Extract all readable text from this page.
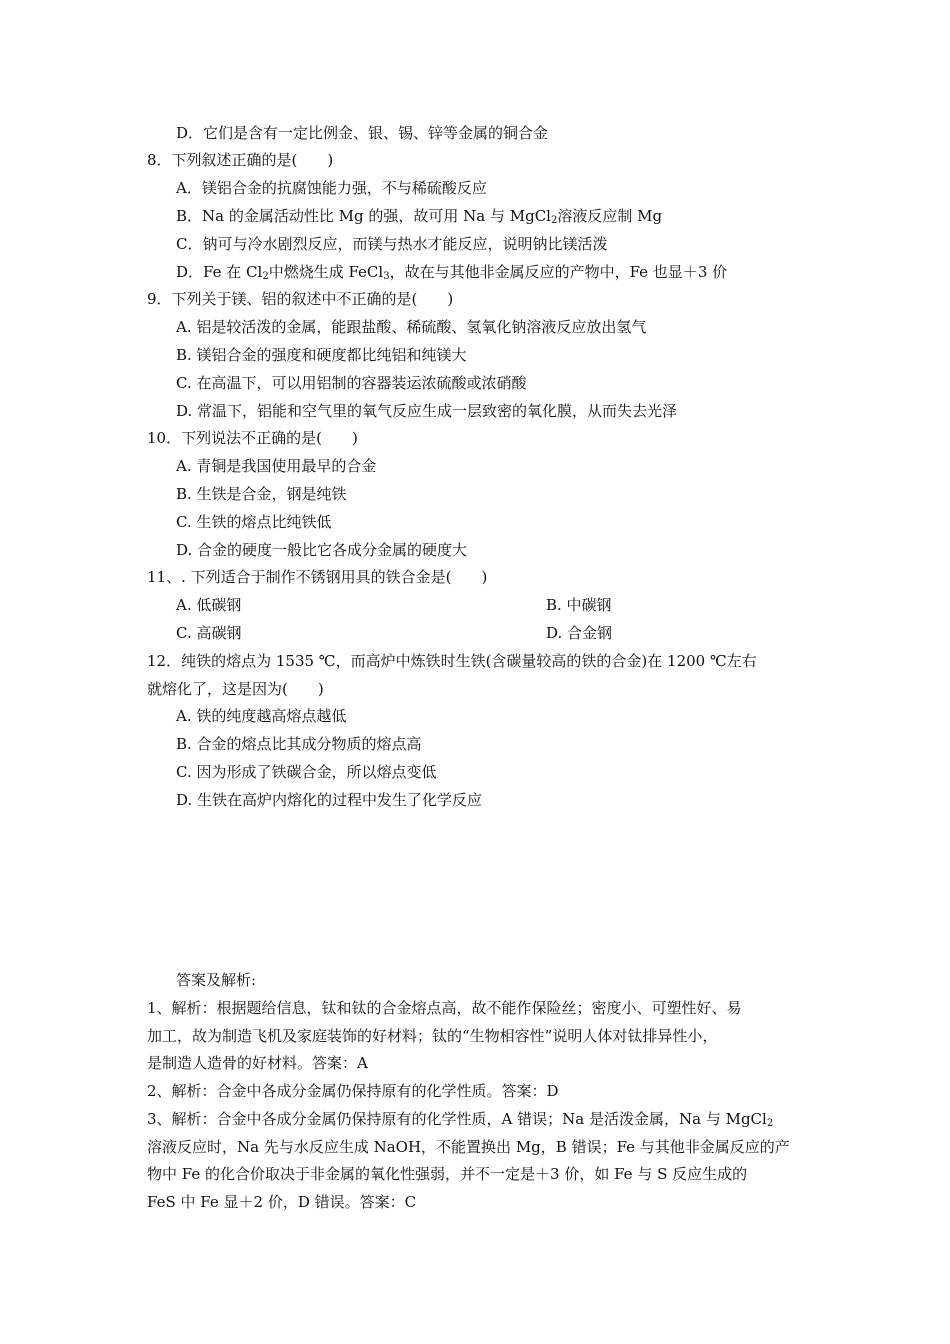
D．它们是含有一定比例金、银、锡、锌等金属的铜合金
8．下列叙述正确的是(　　)
A．镁铝合金的抗腐蚀能力强，不与稀硫酸反应
B．Na 的金属活动性比 Mg 的强，故可用 Na 与 MgCl$_2$溶液反应制 Mg
C．钠可与冷水剧烈反应，而镁与热水才能反应，说明钠比镁活泼
D．Fe 在 $Cl_2$中燃烧生成 FeCl$_3$，故在与其他非金属反应的产物中，Fe 也显＋3 价
9．下列关于镁、铝的叙述中不正确的是(　　)
A. 铝是较活泼的金属，能跟盐酸、稀硫酸、氢氧化钠溶液反应放出氢气
B. 镁铝合金的强度和硬度都比纯铝和纯镁大
C. 在高温下，可以用铝制的容器装运浓硫酸或浓硝酸
D. 常温下，铝能和空气里的氧气反应生成一层致密的氧化膜，从而失去光泽
10．下列说法不正确的是(　　)
A. 青铜是我国使用最早的合金
B. 生铁是合金，钢是纯铁
C. 生铁的熔点比纯铁低
D. 合金的硬度一般比它各成分金属的硬度大
11、. 下列适合于制作不锈钢用具的铁合金是(　　)
A. 低碳钢	B. 中碳钢
C. 高碳钢	D. 合金钢
12．纯铁的熔点为 1535 ℃，而高炉中炼铁时生铁(含碳量较高的铁的合金)在 1200 ℃左右
就熔化了，这是因为(　　)
A. 铁的纯度越高熔点越低
B. 合金的熔点比其成分物质的熔点高
C. 因为形成了铁碳合金，所以熔点变低
D. 生铁在高炉内熔化的过程中发生了化学反应
答案及解析:
1、解析：根据题给信息，钛和钛的合金熔点高，故不能作保险丝；密度小、可塑性好、易
加工，故为制造飞机及家庭装饰的好材料；钛的“生物相容性”说明人体对钛排异性小，
是制造人造骨的好材料。答案：A
2、解析：合金中各成分金属仍保持原有的化学性质。答案：D
3、解析：合金中各成分金属仍保持原有的化学性质，A 错误；Na 是活泼金属，Na 与 MgCl$_2$
溶液反应时，Na 先与水反应生成 NaOH，不能置换出 Mg，B 错误；Fe 与其他非金属反应的产
物中 Fe 的化合价取决于非金属的氧化性强弱，并不一定是＋3 价，如 Fe 与 S 反应生成的
FeS 中 Fe 显＋2 价，D 错误。答案：C
